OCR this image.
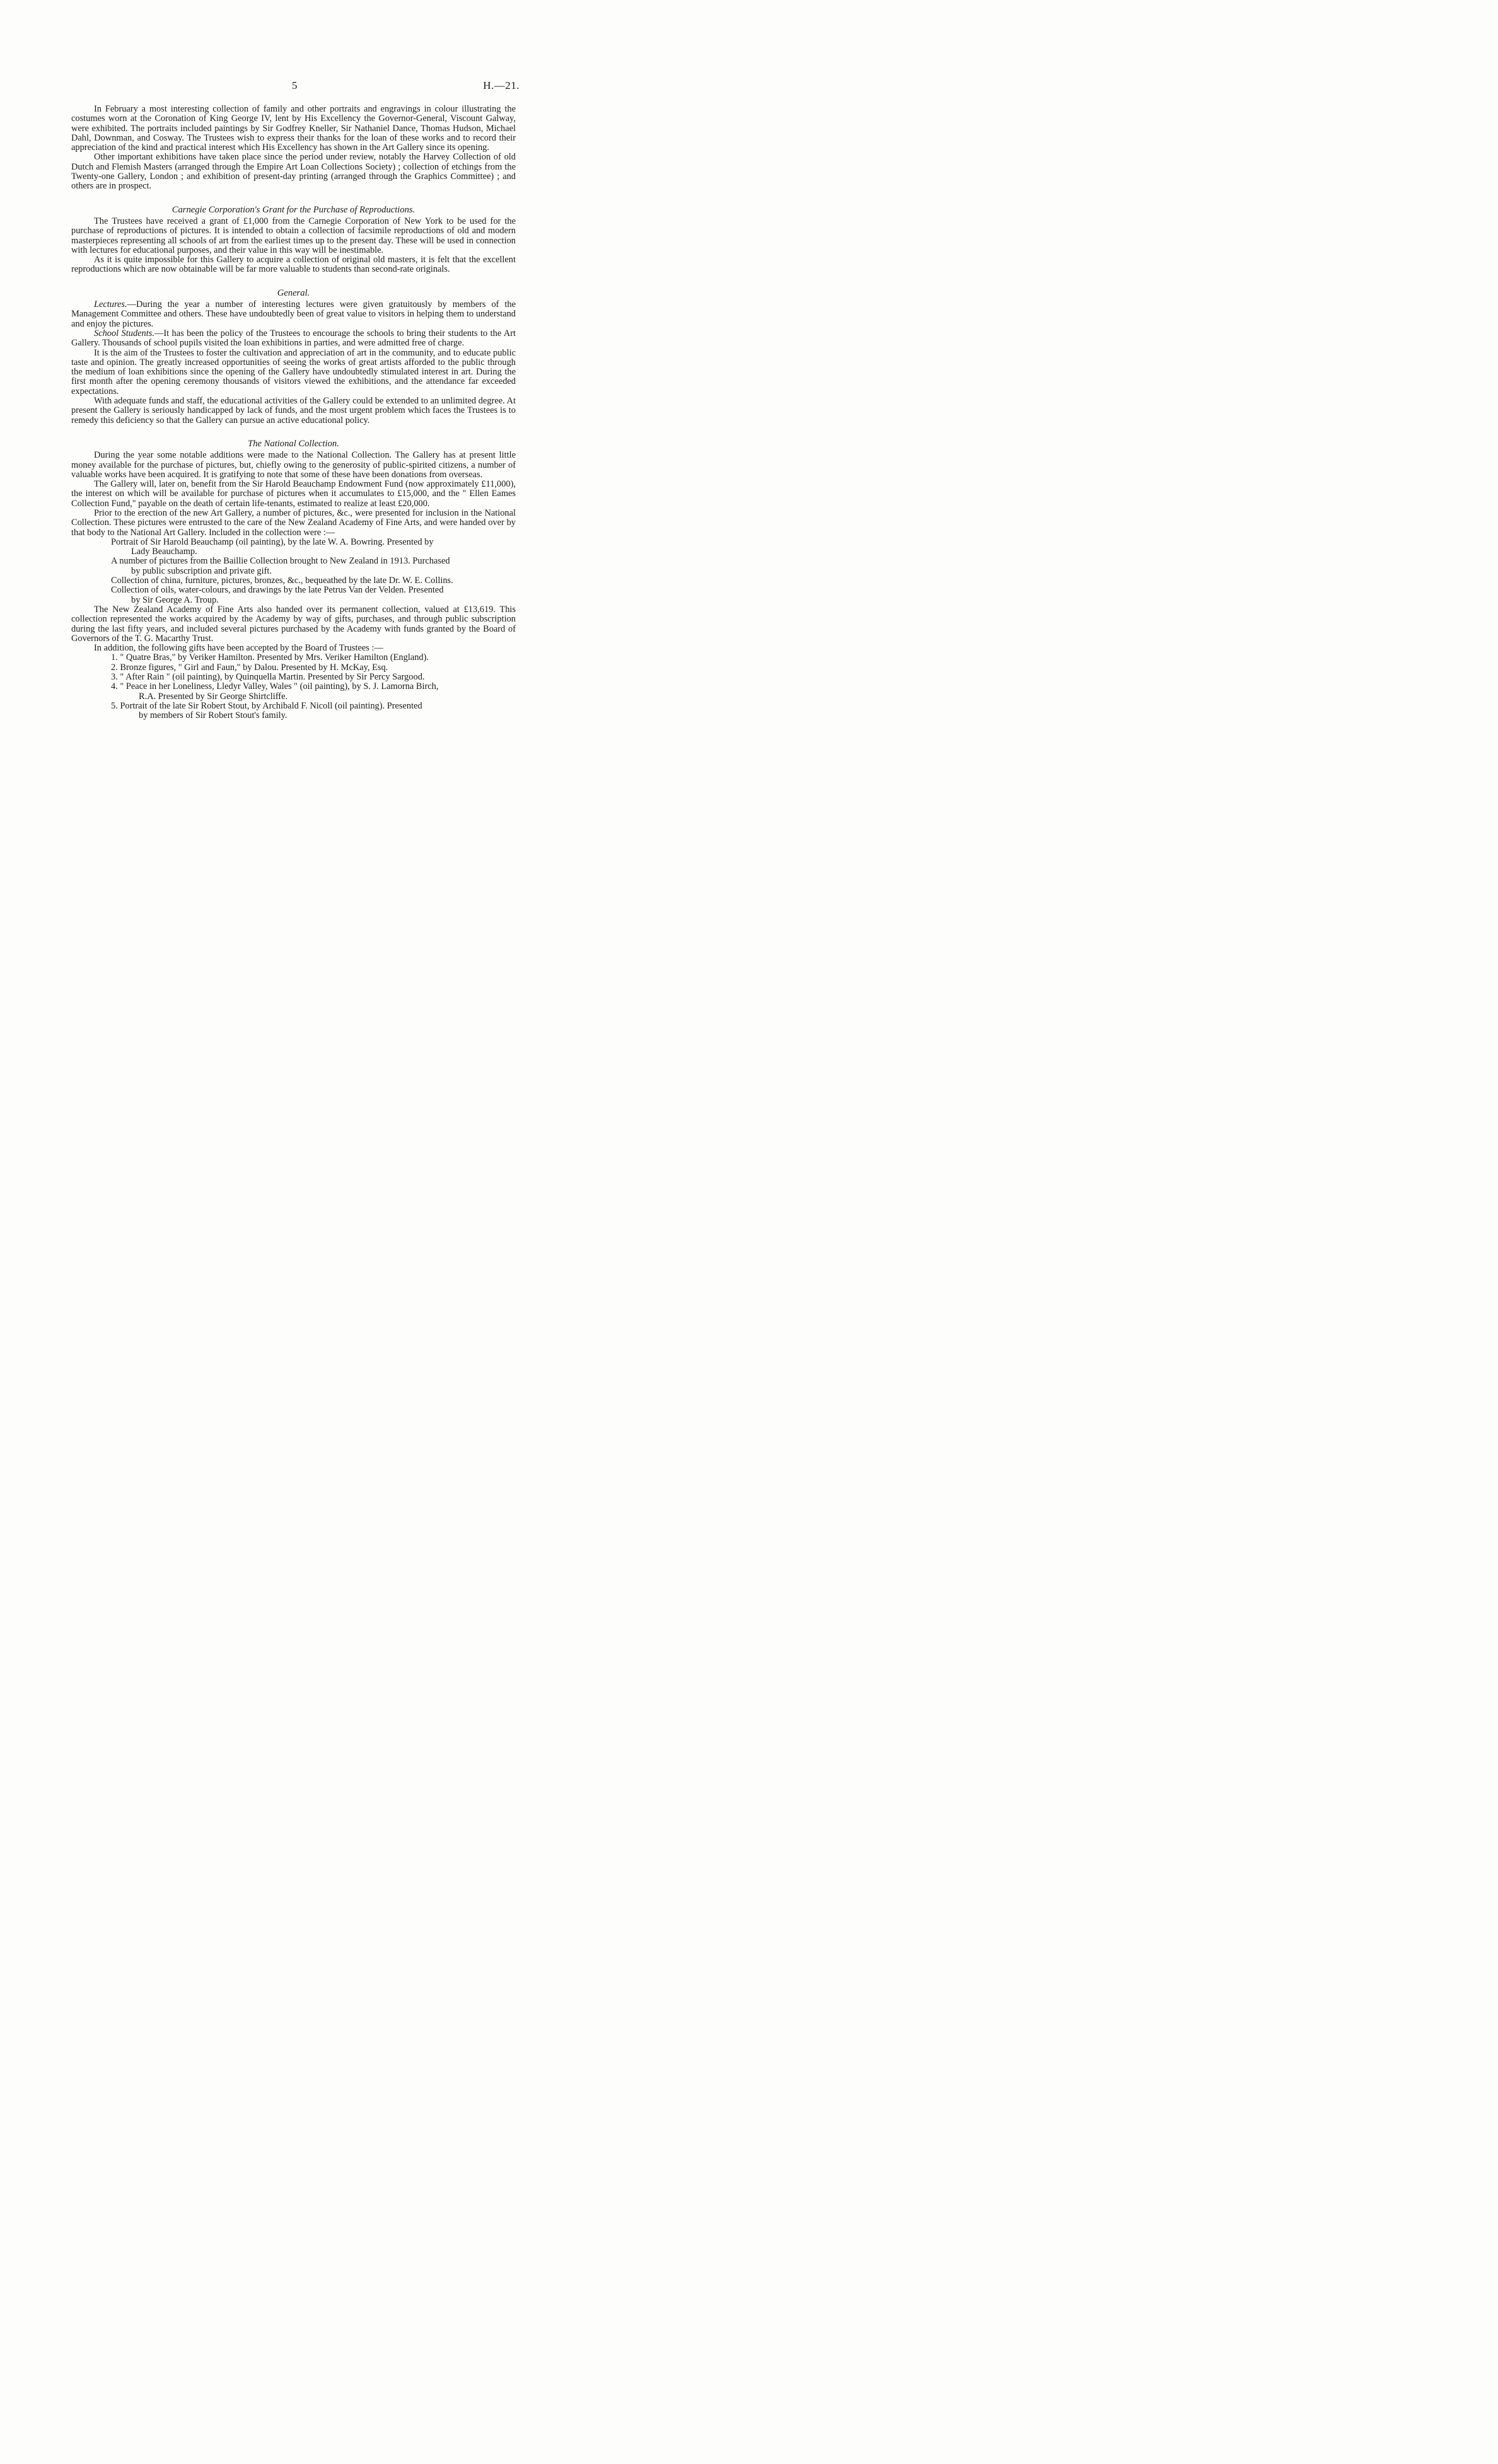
5	H.—21.

In February a most interesting collection of family and other portraits and engravings in colour illustrating the costumes worn at the Coronation of King George IV, lent by His Excellency the Governor-General, Viscount Galway, were exhibited. The portraits included paintings by Sir Godfrey Kneller, Sir Nathaniel Dance, Thomas Hudson, Michael Dahl, Downman, and Cosway. The Trustees wish to express their thanks for the loan of these works and to record their appreciation of the kind and practical interest which His Excellency has shown in the Art Gallery since its opening.

Other important exhibitions have taken place since the period under review, notably the Harvey Collection of old Dutch and Flemish Masters (arranged through the Empire Art Loan Collections Society) ; collection of etchings from the Twenty-one Gallery, London ; and exhibition of present-day printing (arranged through the Graphics Committee) ; and others are in prospect.

Carnegie Corporation's Grant for the Purchase of Reproductions.

The Trustees have received a grant of £1,000 from the Carnegie Corporation of New York to be used for the purchase of reproductions of pictures. It is intended to obtain a collection of facsimile reproductions of old and modern masterpieces representing all schools of art from the earliest times up to the present day. These will be used in connection with lectures for educational purposes, and their value in this way will be inestimable.

As it is quite impossible for this Gallery to acquire a collection of original old masters, it is felt that the excellent reproductions which are now obtainable will be far more valuable to students than second-rate originals.

General.

Lectures.—During the year a number of interesting lectures were given gratuitously by members of the Management Committee and others. These have undoubtedly been of great value to visitors in helping them to understand and enjoy the pictures.

School Students.—It has been the policy of the Trustees to encourage the schools to bring their students to the Art Gallery. Thousands of school pupils visited the loan exhibitions in parties, and were admitted free of charge.

It is the aim of the Trustees to foster the cultivation and appreciation of art in the community, and to educate public taste and opinion. The greatly increased opportunities of seeing the works of great artists afforded to the public through the medium of loan exhibitions since the opening of the Gallery have undoubtedly stimulated interest in art. During the first month after the opening ceremony thousands of visitors viewed the exhibitions, and the attendance far exceeded expectations.

With adequate funds and staff, the educational activities of the Gallery could be extended to an unlimited degree. At present the Gallery is seriously handicapped by lack of funds, and the most urgent problem which faces the Trustees is to remedy this deficiency so that the Gallery can pursue an active educational policy.

The National Collection.

During the year some notable additions were made to the National Collection. The Gallery has at present little money available for the purchase of pictures, but, chiefly owing to the generosity of public-spirited citizens, a number of valuable works have been acquired. It is gratifying to note that some of these have been donations from overseas.

The Gallery will, later on, benefit from the Sir Harold Beauchamp Endowment Fund (now approximately £11,000), the interest on which will be available for purchase of pictures when it accumulates to £15,000, and the " Ellen Eames Collection Fund," payable on the death of certain life-tenants, estimated to realize at least £20,000.

Prior to the erection of the new Art Gallery, a number of pictures, &c., were presented for inclusion in the National Collection. These pictures were entrusted to the care of the New Zealand Academy of Fine Arts, and were handed over by that body to the National Art Gallery. Included in the collection were :—

Portrait of Sir Harold Beauchamp (oil painting), by the late W. A. Bowring. Presented by
Lady Beauchamp.
A number of pictures from the Baillie Collection brought to New Zealand in 1913. Purchased
by public subscription and private gift.
Collection of china, furniture, pictures, bronzes, &c., bequeathed by the late Dr. W. E. Collins.
Collection of oils, water-colours, and drawings by the late Petrus Van der Velden. Presented
by Sir George A. Troup.

The New Zealand Academy of Fine Arts also handed over its permanent collection, valued at £13,619. This collection represented the works acquired by the Academy by way of gifts, purchases, and through public subscription during the last fifty years, and included several pictures purchased by the Academy with funds granted by the Board of Governors of the T. G. Macarthy Trust.

In addition, the following gifts have been accepted by the Board of Trustees :—

1. " Quatre Bras," by Veriker Hamilton. Presented by Mrs. Veriker Hamilton (England).
2. Bronze figures, " Girl and Faun," by Dalou. Presented by H. McKay, Esq.
3. " After Rain " (oil painting), by Quinquella Martin. Presented by Sir Percy Sargood.
4. " Peace in her Loneliness, Lledyr Valley, Wales " (oil painting), by S. J. Lamorna Birch,
R.A. Presented by Sir George Shirtcliffe.
5. Portrait of the late Sir Robert Stout, by Archibald F. Nicoll (oil painting). Presented
by members of Sir Robert Stout's family.
